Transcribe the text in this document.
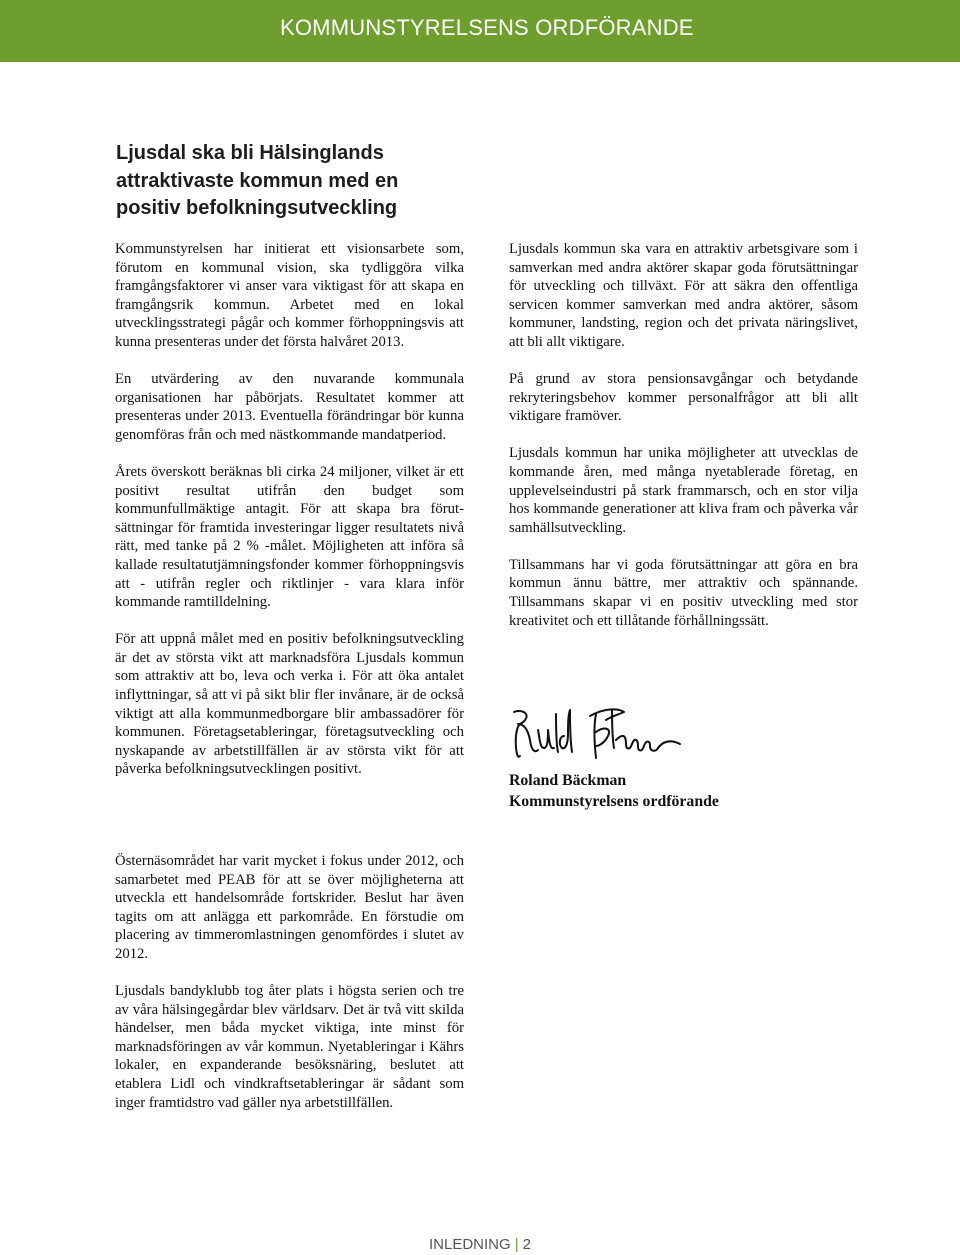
KOMMUNSTYRELSENS ORDFÖRANDE
Ljusdal ska bli Hälsinglands
attraktivaste kommun med en
positiv befolkningsutveckling

Kommunstyrelsen har initierat ett visionsarbete som, förutom en kommunal vision, ska tydliggöra vilka framgångsfaktorer vi anser vara viktigast för att skapa en framgångsrik kommun. Arbetet med en lokal utvecklingsstrategi pågår och kommer förhoppningsvis att kunna presenteras under det första halvåret 2013.

En utvärdering av den nuvarande kommunala organisationen har påbörjats. Resultatet kommer att presenteras under 2013. Eventuella förändringar bör kunna genomföras från och med nästkommande mandatperiod.

Årets överskott beräknas bli cirka 24 miljoner, vilket är ett positivt resultat utifrån den budget som kommunfullmäktige antagit. För att skapa bra förutsättningar för framtida investeringar ligger resultatets nivå rätt, med tanke på 2 % -målet. Möjligheten att införa så kallade resultatutjämningsfonder kommer förhoppningsvis att - utifrån regler och riktlinjer - vara klara inför kommande ramtilldelning.

För att uppnå målet med en positiv befolkningsutveckling är det av största vikt att marknadsföra Ljusdals kommun som attraktiv att bo, leva och verka i. För att öka antalet inflyttningar, så att vi på sikt blir fler invånare, är de också viktigt att alla kommunmedborgare blir ambassadörer för kommunen. Företagsetableringar, företagsutveckling och nyskapande av arbetstillfällen är av största vikt för att påverka befolkningsutvecklingen positivt.

Östernäsområdet har varit mycket i fokus under 2012, och samarbetet med PEAB för att se över möjligheterna att utveckla ett handelsområde fortskrider. Beslut har även tagits om att anlägga ett parkområde. En förstudie om placering av timmeromlastningen genomfördes i slutet av 2012.

Ljusdals bandyklubb tog åter plats i högsta serien och tre av våra hälsingegårdar blev världsarv. Det är två vitt skilda händelser, men båda mycket viktiga, inte minst för marknadsföringen av vår kommun. Nyetableringar i Kährs lokaler, en expanderande besöksnäring, beslutet att etablera Lidl och vindkraftsetableringar är sådant som inger framtidstro vad gäller nya arbetstillfällen.

Ljusdals kommun ska vara en attraktiv arbetsgivare som i samverkan med andra aktörer skapar goda förutsättningar för utveckling och tillväxt. För att säkra den offentliga servicen kommer samverkan med andra aktörer, såsom kommuner, landsting, region och det privata näringslivet, att bli allt viktigare.

På grund av stora pensionsavgångar och betydande rekryteringsbehov kommer personalfrågor att bli allt viktigare framöver.

Ljusdals kommun har unika möjligheter att utvecklas de kommande åren, med många nyetablerade företag, en upplevelseindustri på stark frammarsch, och en stor vilja hos kommande generationer att kliva fram och påverka vår samhällsutveckling.

Tillsammans har vi goda förutsättningar att göra en bra kommun ännu bättre, mer attraktiv och spännande. Tillsammans skapar vi en positiv utveckling med stor kreativitet och ett tillåtande förhållningssätt.

Roland Bäckman
Kommunstyrelsens ordförande
INLEDNING | 2
